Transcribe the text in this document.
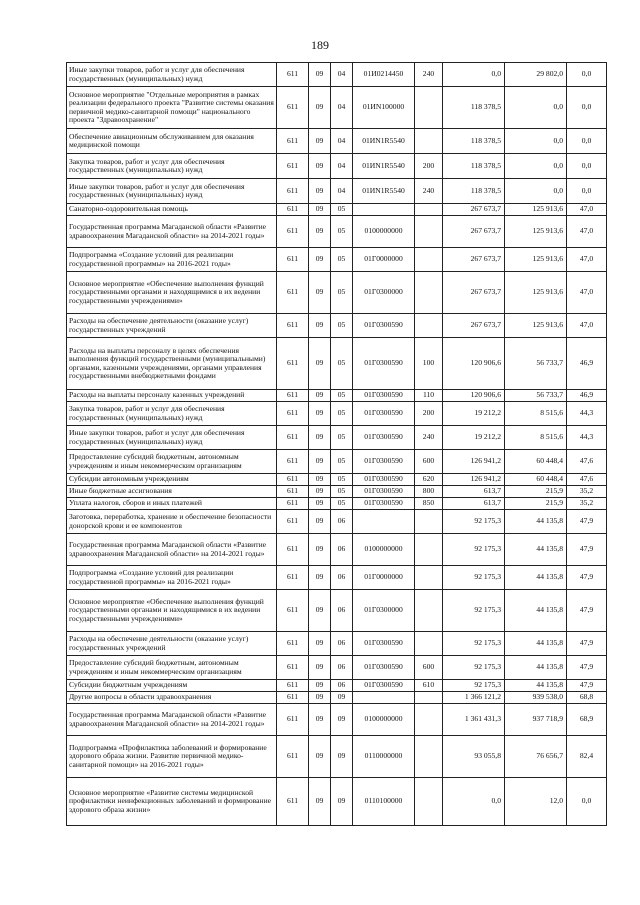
189
Иные закупки товаров, работ и услуг для обеспечения государственных (муниципальных) нужд	611	09	04	01И0214450	240	0,0	29 802,0	0,0
Основное мероприятие "Отдельные мероприятия в рамках реализации федерального проекта "Развитие системы оказания первичной медико-санитарной помощи" национального проекта "Здравоохранение"	611	09	04	01ИN100000		118 378,5	0,0	0,0
Обеспечение авиационным обслуживанием для оказания медицинской помощи	611	09	04	01ИN1R5540		118 378,5	0,0	0,0
Закупка товаров, работ и услуг для обеспечения государственных (муниципальных) нужд	611	09	04	01ИN1R5540	200	118 378,5	0,0	0,0
Иные закупки товаров, работ и услуг для обеспечения государственных (муниципальных) нужд	611	09	04	01ИN1R5540	240	118 378,5	0,0	0,0
Санаторно-оздоровительная помощь	611	09	05			267 673,7	125 913,6	47,0
Государственная программа Магаданской области «Развитие здравоохранения Магаданской области» на 2014-2021 годы»	611	09	05	0100000000		267 673,7	125 913,6	47,0
Подпрограмма «Создание условий для реализации государственной программы» на 2016-2021 годы»	611	09	05	01Г0000000		267 673,7	125 913,6	47,0
Основное мероприятие «Обеспечение выполнения функций государственными органами и находящимися в их ведении государственными учреждениями»	611	09	05	01Г0300000		267 673,7	125 913,6	47,0
Расходы на обеспечение деятельности (оказание услуг) государственных учреждений	611	09	05	01Г0300590		267 673,7	125 913,6	47,0
Расходы на выплаты персоналу в целях обеспечения выполнения функций государственными (муниципальными) органами, казенными учреждениями, органами управления государственными внебюджетными фондами	611	09	05	01Г0300590	100	120 906,6	56 733,7	46,9
Расходы на выплаты персоналу казенных учреждений	611	09	05	01Г0300590	110	120 906,6	56 733,7	46,9
Закупка товаров, работ и услуг для обеспечения государственных (муниципальных) нужд	611	09	05	01Г0300590	200	19 212,2	8 515,6	44,3
Иные закупки товаров, работ и услуг для обеспечения государственных (муниципальных) нужд	611	09	05	01Г0300590	240	19 212,2	8 515,6	44,3
Предоставление субсидий бюджетным, автономным учреждениям и иным некоммерческим организациям	611	09	05	01Г0300590	600	126 941,2	60 448,4	47,6
Субсидии автономным учреждениям	611	09	05	01Г0300590	620	126 941,2	60 448,4	47,6
Иные бюджетные ассигнования	611	09	05	01Г0300590	800	613,7	215,9	35,2
Уплата налогов, сборов и иных платежей	611	09	05	01Г0300590	850	613,7	215,9	35,2
Заготовка, переработка, хранение и обеспечение безопасности донорской крови и ее компонентов	611	09	06			92 175,3	44 135,8	47,9
Государственная программа Магаданской области «Развитие здравоохранения Магаданской области» на 2014-2021 годы»	611	09	06	0100000000		92 175,3	44 135,8	47,9
Подпрограмма «Создание условий для реализации государственной программы» на 2016-2021 годы»	611	09	06	01Г0000000		92 175,3	44 135,8	47,9
Основное мероприятие «Обеспечение выполнения функций государственными органами и находящимися в их ведении государственными учреждениями»	611	09	06	01Г0300000		92 175,3	44 135,8	47,9
Расходы на обеспечение деятельности (оказание услуг) государственных учреждений	611	09	06	01Г0300590		92 175,3	44 135,8	47,9
Предоставление субсидий бюджетным, автономным учреждениям и иным некоммерческим организациям	611	09	06	01Г0300590	600	92 175,3	44 135,8	47,9
Субсидии бюджетным учреждениям	611	09	06	01Г0300590	610	92 175,3	44 135,8	47,9
Другие вопросы в области здравоохранения	611	09	09			1 366 121,2	939 538,0	68,8
Государственная программа Магаданской области «Развитие здравоохранения Магаданской области» на 2014-2021 годы»	611	09	09	0100000000		1 361 431,3	937 718,9	68,9
Подпрограмма «Профилактика заболеваний и формирование здорового образа жизни. Развитие первичной медико-санитарной помощи» на 2016-2021 годы»	611	09	09	0110000000		93 055,8	76 656,7	82,4
Основное мероприятие «Развитие системы медицинской профилактики неинфекционных заболеваний и формирование здорового образа жизни»	611	09	09	0110100000		0,0	12,0	0,0
